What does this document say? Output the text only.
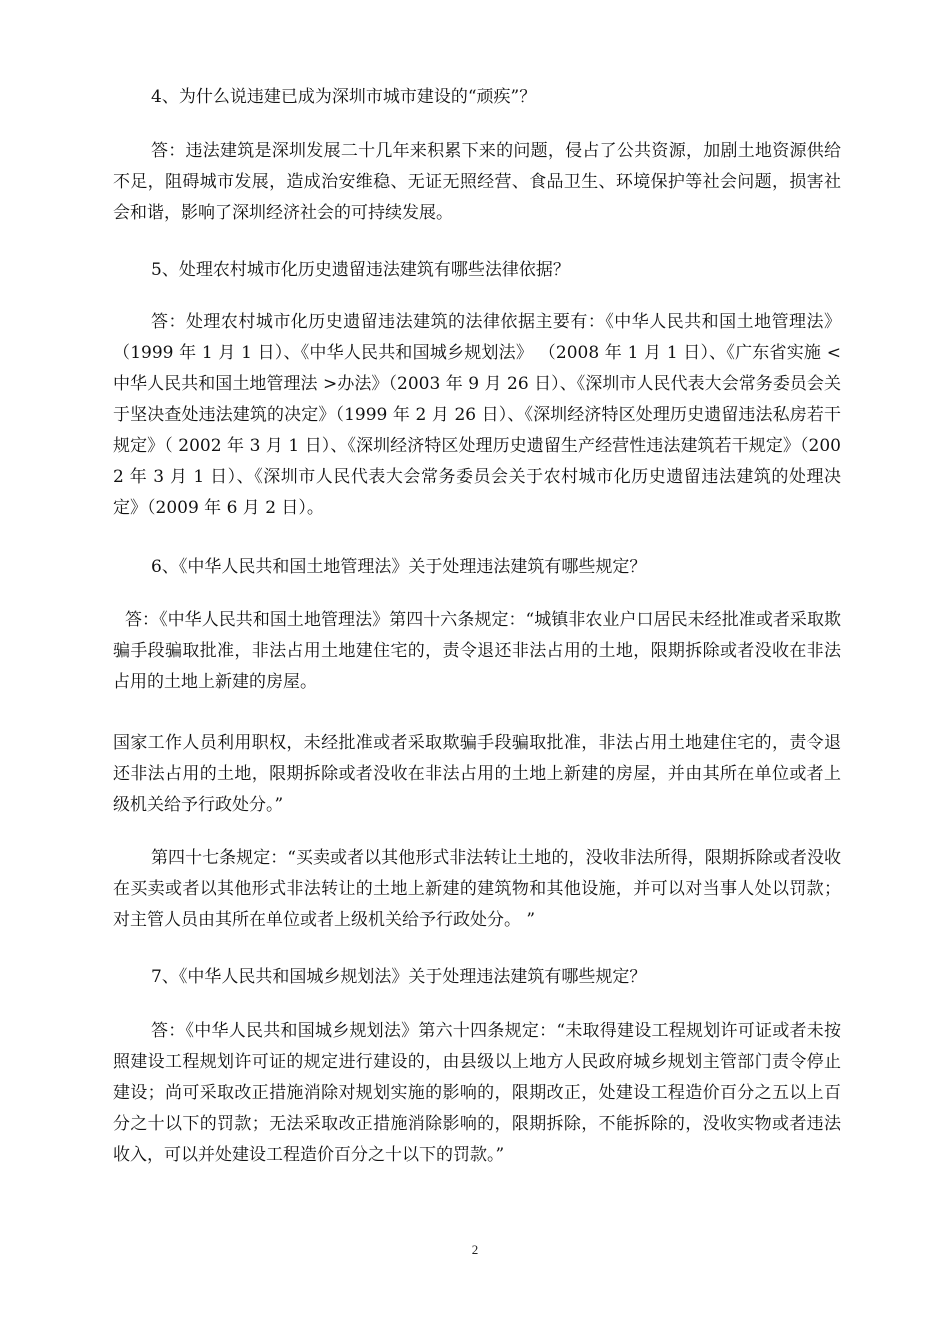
4、为什么说违建已成为深圳市城市建设的“顽疾”？

答：违法建筑是深圳发展二十几年来积累下来的问题，侵占了公共资源，加剧土地资源供给不足，阻碍城市发展，造成治安维稳、无证无照经营、食品卫生、环境保护等社会问题，损害社会和谐，影响了深圳经济社会的可持续发展。

5、处理农村城市化历史遗留违法建筑有哪些法律依据？

答：处理农村城市化历史遗留违法建筑的法律依据主要有：《中华人民共和国土地管理法》（1999 年 1 月 1 日）、《中华人民共和国城乡规划法》 （2008 年 1 月 1 日）、《广东省实施 <中华人民共和国土地管理法 >办法》（2003 年 9 月 26 日）、《深圳市人民代表大会常务委员会关于坚决查处违法建筑的决定》（1999 年 2 月 26 日）、《深圳经济特区处理历史遗留违法私房若干规定》（ 2002 年 3 月 1 日）、《深圳经济特区处理历史遗留生产经营性违法建筑若干规定》（2002 年 3 月 1 日）、《深圳市人民代表大会常务委员会关于农村城市化历史遗留违法建筑的处理决定》（2009 年 6 月 2 日）。

6、《中华人民共和国土地管理法》关于处理违法建筑有哪些规定？

答：《中华人民共和国土地管理法》第四十六条规定：“城镇非农业户口居民未经批准或者采取欺骗手段骗取批准，非法占用土地建住宅的，责令退还非法占用的土地，限期拆除或者没收在非法占用的土地上新建的房屋。

国家工作人员利用职权，未经批准或者采取欺骗手段骗取批准，非法占用土地建住宅的，责令退还非法占用的土地，限期拆除或者没收在非法占用的土地上新建的房屋，并由其所在单位或者上级机关给予行政处分。”

第四十七条规定：“买卖或者以其他形式非法转让土地的，没收非法所得，限期拆除或者没收在买卖或者以其他形式非法转让的土地上新建的建筑物和其他设施，并可以对当事人处以罚款；对主管人员由其所在单位或者上级机关给予行政处分。 ”

7、《中华人民共和国城乡规划法》关于处理违法建筑有哪些规定？

答：《中华人民共和国城乡规划法》第六十四条规定：“未取得建设工程规划许可证或者未按照建设工程规划许可证的规定进行建设的，由县级以上地方人民政府城乡规划主管部门责令停止建设；尚可采取改正措施消除对规划实施的影响的，限期改正，处建设工程造价百分之五以上百分之十以下的罚款；无法采取改正措施消除影响的，限期拆除，不能拆除的，没收实物或者违法收入，可以并处建设工程造价百分之十以下的罚款。”

2
